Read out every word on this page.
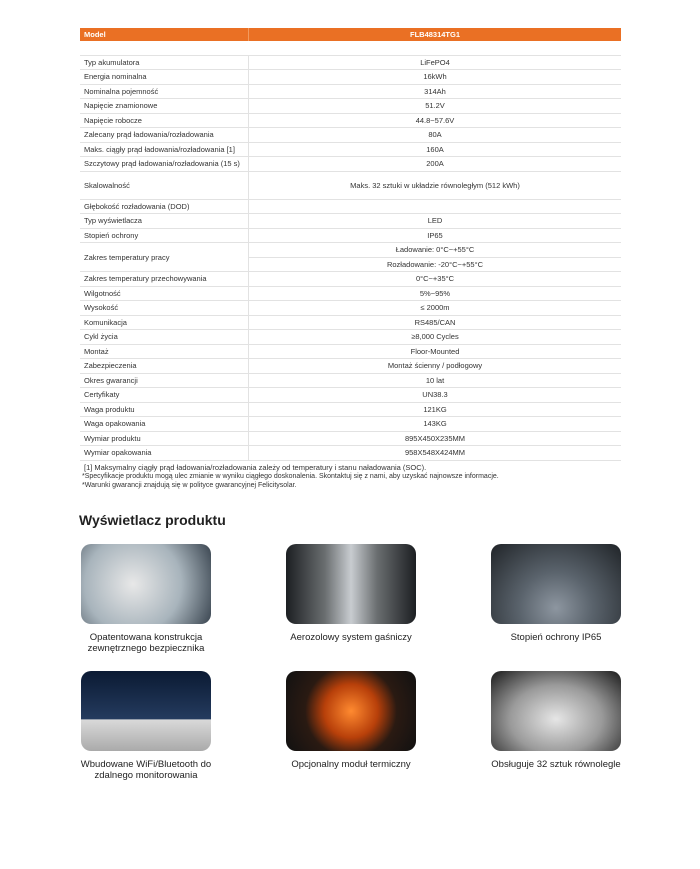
Model	FLB48314TG1

Typ akumulatora	LiFePO4
Energia nominalna	16kWh
Nominalna pojemność	314Ah
Napięcie znamionowe	51.2V
Napięcie robocze	44.8~57.6V
Zalecany prąd ładowania/rozładowania	80A
Maks. ciągły prąd ładowania/rozładowania [1]	160A
Szczytowy prąd ładowania/rozładowania (15 s)	200A
Skalowalność	Maks. 32 sztuki w układzie równoległym (512 kWh)
Głębokość rozładowania (DOD)	
Typ wyświetlacza	LED
Stopień ochrony	IP65
Zakres temperatury pracy	Ładowanie: 0°C~+55°C
	Rozładowanie: -20°C~+55°C
Zakres temperatury przechowywania	0°C~+35°C
Wilgotność	5%~95%
Wysokość	≤ 2000m
Komunikacja	RS485/CAN
Cykl życia	≥8,000 Cycles
Montaż	Floor-Mounted
Zabezpieczenia	Montaż ścienny / podłogowy
Okres gwarancji	10 lat
Certyfikaty	UN38.3
Waga produktu	121KG
Waga opakowania	143KG
Wymiar produktu	895X450X235MM
Wymiar opakowania	958X548X424MM
[1] Maksymalny ciągły prąd ładowania/rozładowania zależy od temperatury i stanu naładowania (SOC).	
*Specyfikacje produktu mogą ulec zmianie w wyniku ciągłego doskonalenia. Skontaktuj się z nami, aby uzyskać najnowsze informacje.
*Warunki gwarancji znajdują się w polityce gwarancyjnej Felicitysolar.
Wyświetlacz produktu
Opatentowana konstrukcja zewnętrznego bezpiecznika
Aerozolowy system gaśniczy	Stopień ochrony IP65
Wbudowane WiFi/Bluetooth do zdalnego monitorowania
Opcjonalny moduł termiczny	Obsługuje 32 sztuk równolegle
